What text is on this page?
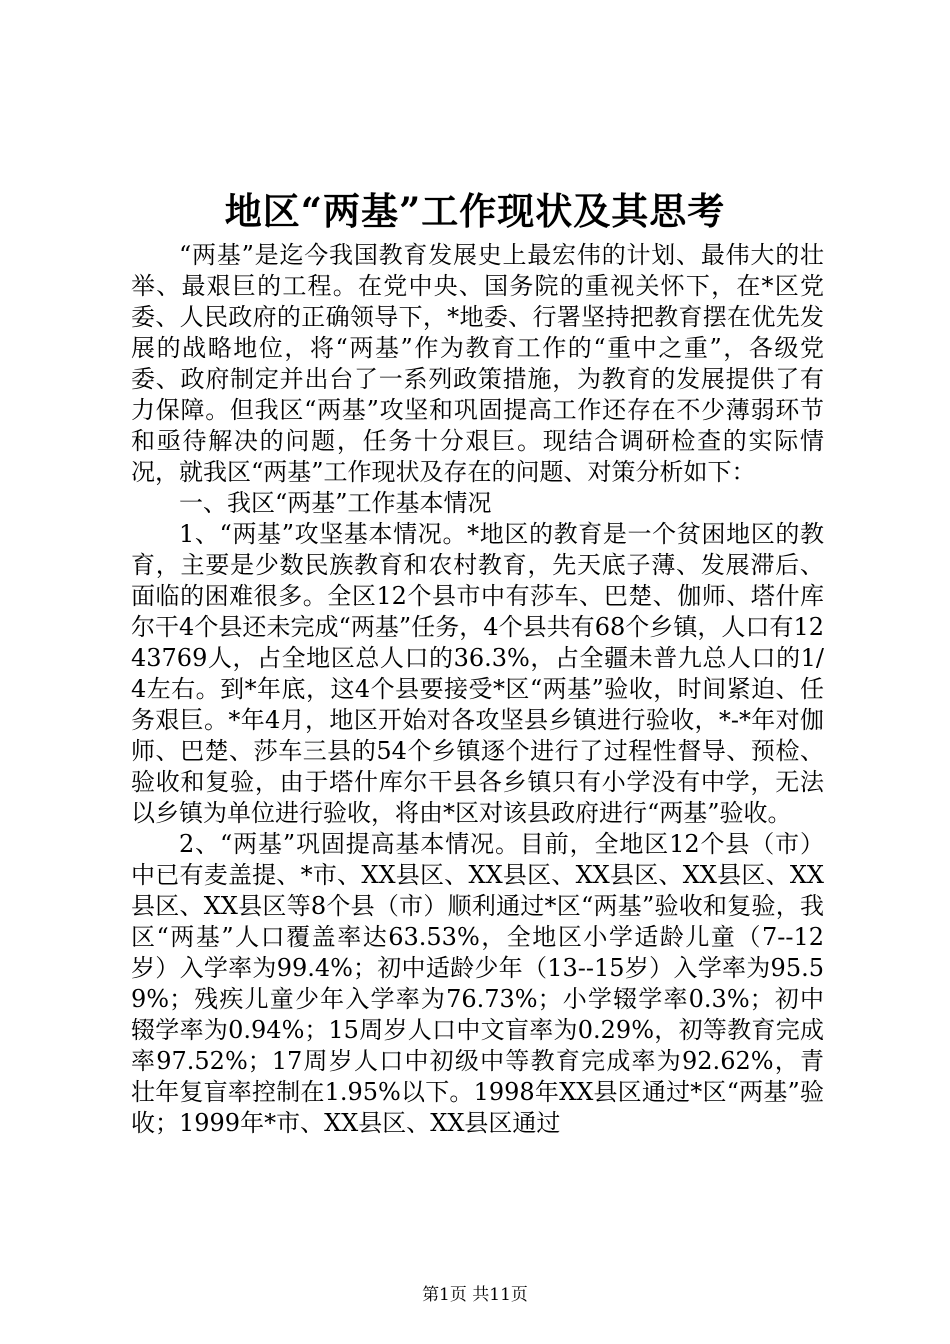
地区“两基”工作现状及其思考

“两基”是迄今我国教育发展史上最宏伟的计划、最伟大的壮举、最艰巨的工程。在党中央、国务院的重视关怀下，在*区党委、人民政府的正确领导下，*地委、行署坚持把教育摆在优先发展的战略地位，将“两基”作为教育工作的“重中之重”，各级党委、政府制定并出台了一系列政策措施，为教育的发展提供了有力保障。但我区“两基”攻坚和巩固提高工作还存在不少薄弱环节和亟待解决的问题，任务十分艰巨。现结合调研检查的实际情况，就我区“两基”工作现状及存在的问题、对策分析如下：

一、我区“两基”工作基本情况

1、“两基”攻坚基本情况。*地区的教育是一个贫困地区的教育，主要是少数民族教育和农村教育，先天底子薄、发展滞后、面临的困难很多。全区12个县市中有莎车、巴楚、伽师、塔什库尔干4个县还未完成“两基”任务，4个县共有68个乡镇，人口有1243769人，占全地区总人口的36.3%，占全疆未普九总人口的1/4左右。到*年底，这4个县要接受*区“两基”验收，时间紧迫、任务艰巨。*年4月，地区开始对各攻坚县乡镇进行验收，*-*年对伽师、巴楚、莎车三县的54个乡镇逐个进行了过程性督导、预检、验收和复验，由于塔什库尔干县各乡镇只有小学没有中学，无法以乡镇为单位进行验收，将由*区对该县政府进行“两基”验收。

2、“两基”巩固提高基本情况。目前，全地区12个县（市）中已有麦盖提、*市、XX县区、XX县区、XX县区、XX县区、XX县区、XX县区等8个县（市）顺利通过*区“两基”验收和复验，我区“两基”人口覆盖率达63.53%，全地区小学适龄儿童（7--12岁）入学率为99.4%；初中适龄少年（13--15岁）入学率为95.59%；残疾儿童少年入学率为76.73%；小学辍学率0.3%；初中辍学率为0.94%；15周岁人口中文盲率为0.29%，初等教育完成率97.52%；17周岁人口中初级中等教育完成率为92.62%，青壮年复盲率控制在1.95%以下。1998年XX县区通过*区“两基”验收；1999年*市、XX县区、XX县区通过

第1页 共11页
